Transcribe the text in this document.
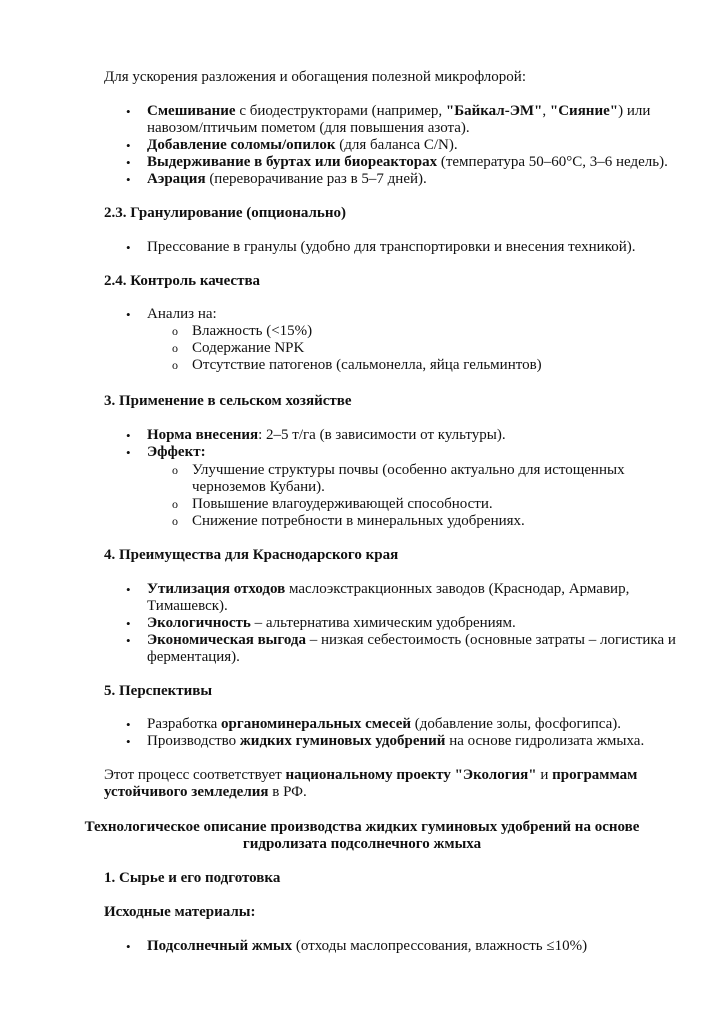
Для ускорения разложения и обогащения полезной микрофлорой:
• Смешивание с биодеструкторами (например, "Байкал-ЭМ", "Сияние") или
навозом/птичьим пометом (для повышения азота).
• Добавление соломы/опилок (для баланса C/N).
• Выдерживание в буртах или биореакторах (температура 50–60°C, 3–6 недель).
• Аэрация (переворачивание раз в 5–7 дней).
2.3. Гранулирование (опционально)
• Прессование в гранулы (удобно для транспортировки и внесения техникой).
2.4. Контроль качества
• Анализ на:
o Влажность (<15%)
o Содержание NPK
o Отсутствие патогенов (сальмонелла, яйца гельминтов)
3. Применение в сельском хозяйстве
• Норма внесения: 2–5 т/га (в зависимости от культуры).
• Эффект:
o Улучшение структуры почвы (особенно актуально для истощенных
черноземов Кубани).
o Повышение влагоудерживающей способности.
o Снижение потребности в минеральных удобрениях.
4. Преимущества для Краснодарского края
• Утилизация отходов маслоэкстракционных заводов (Краснодар, Армавир,
Тимашевск).
• Экологичность – альтернатива химическим удобрениям.
• Экономическая выгода – низкая себестоимость (основные затраты – логистика и
ферментация).
5. Перспективы
• Разработка органоминеральных смесей (добавление золы, фосфогипса).
• Производство жидких гуминовых удобрений на основе гидролизата жмыха.
Этот процесс соответствует национальному проекту "Экология" и программам
устойчивого земледелия в РФ.
Технологическое описание производства жидких гуминовых удобрений на основе
гидролизата подсолнечного жмыха
1. Сырье и его подготовка
Исходные материалы:
• Подсолнечный жмых (отходы маслопрессования, влажность ≤10%)
